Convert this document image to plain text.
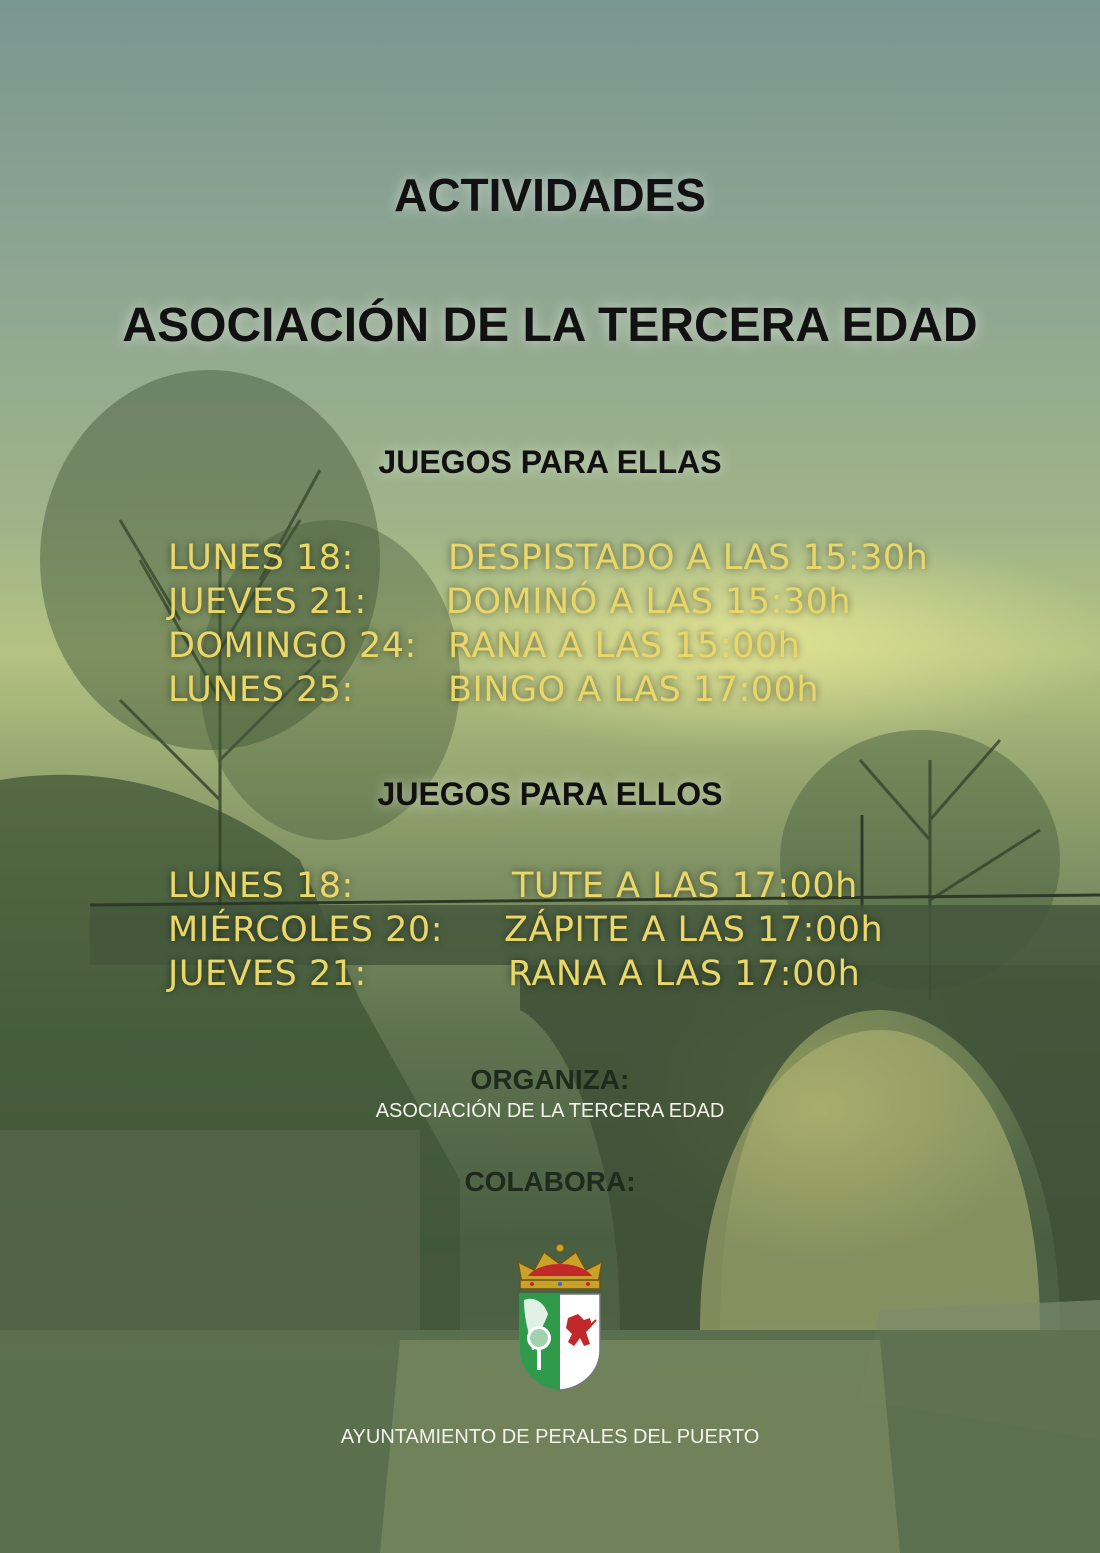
ACTIVIDADES
ASOCIACIÓN DE LA TERCERA EDAD
JUEGOS PARA ELLAS
LUNES 18:	DESPISTADO A LAS 15:30h
JUEVES 21: DOMINÓ A LAS 15:30h
DOMINGO 24: RANA A LAS 15:00h
LUNES 25:	BINGO A LAS 17:00h
JUEGOS PARA ELLOS
LUNES 18:	TUTE A LAS 17:00h
MIÉRCOLES 20: ZÁPITE A LAS 17:00h
JUEVES 21:	RANA A LAS 17:00h
ORGANIZA:
ASOCIACIÓN DE LA TERCERA EDAD
COLABORA:
AYUNTAMIENTO DE PERALES DEL PUERTO
